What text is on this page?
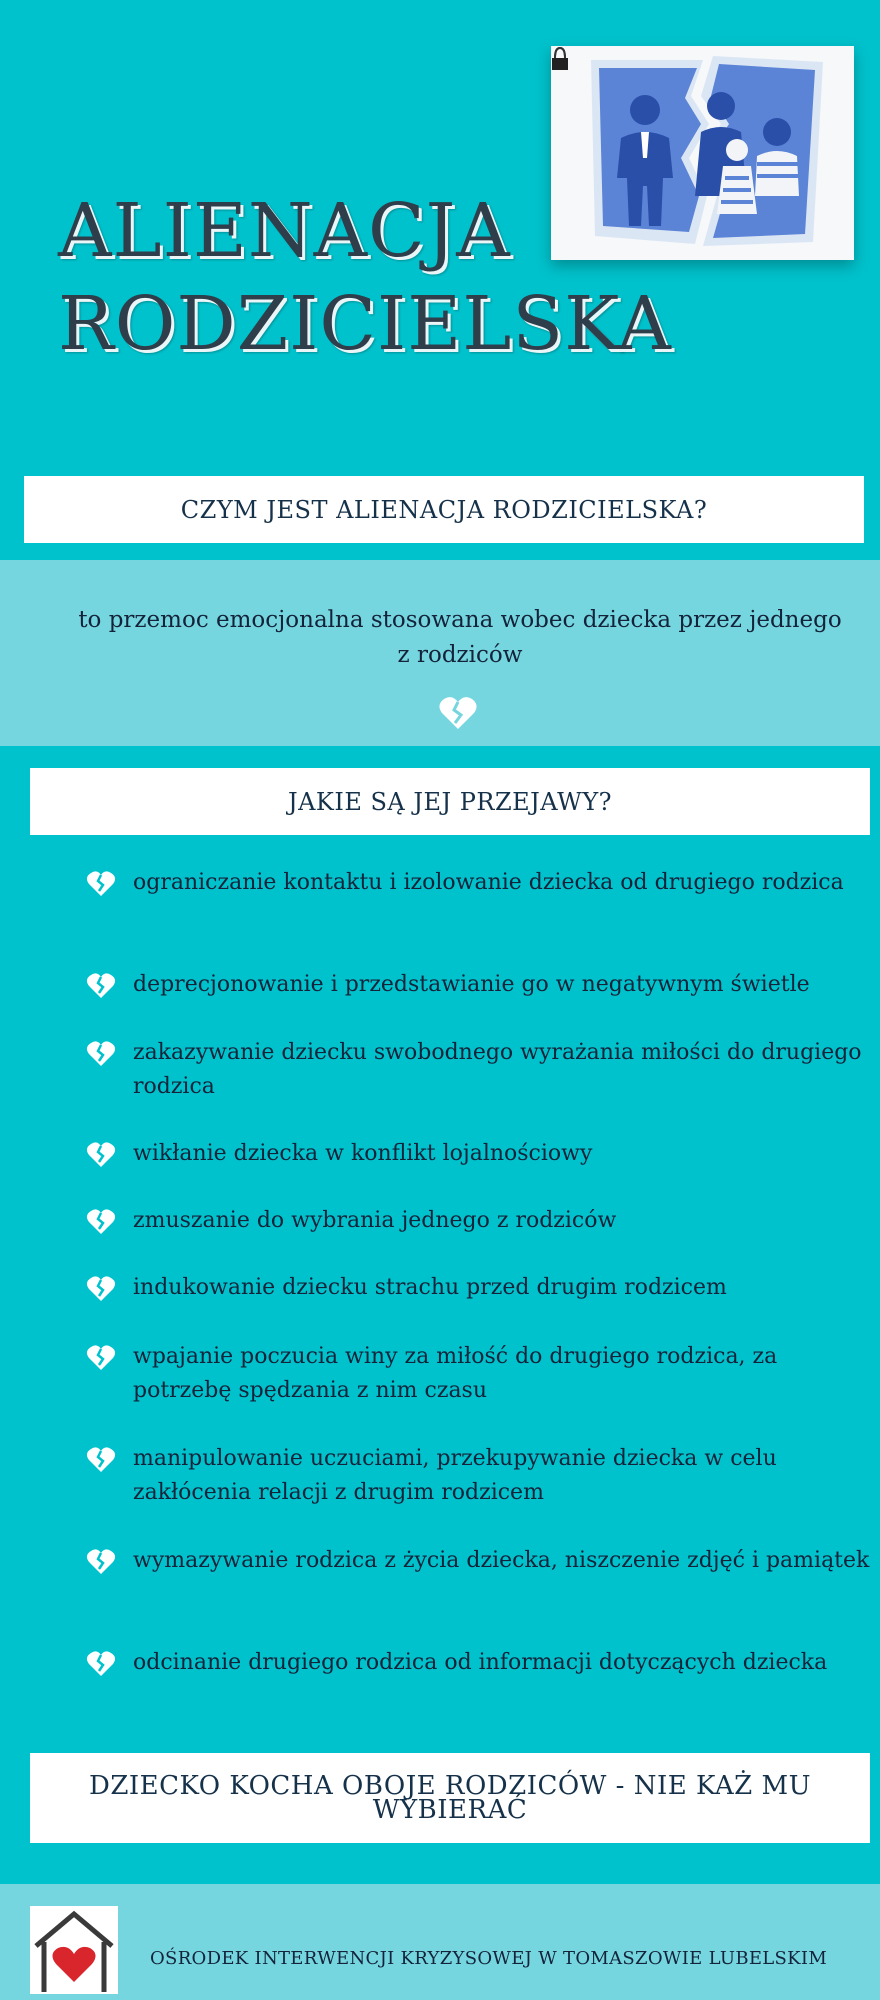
ALIENACJA
RODZICIELSKA
CZYM JEST ALIENACJA RODZICIELSKA?
to przemoc emocjonalna stosowana wobec dziecka przez jednego z rodziców
JAKIE SĄ JEJ PRZEJAWY?
ograniczanie kontaktu i izolowanie dziecka od drugiego rodzica
deprecjonowanie i przedstawianie go w negatywnym świetle
zakazywanie dziecku swobodnego wyrażania miłości do drugiego rodzica
wikłanie dziecka w konflikt lojalnościowy
zmuszanie do wybrania jednego z rodziców
indukowanie dziecku strachu przed drugim rodzicem
wpajanie poczucia winy za miłość do drugiego rodzica, za potrzebę spędzania z nim czasu
manipulowanie uczuciami, przekupywanie dziecka w celu zakłócenia relacji z drugim rodzicem
wymazywanie rodzica z życia dziecka, niszczenie zdjęć i pamiątek
odcinanie drugiego rodzica od informacji dotyczących dziecka
DZIECKO KOCHA OBOJE RODZICÓW - NIE KAŻ MU WYBIERAĆ
OŚRODEK INTERWENCJI KRYZYSOWEJ W TOMASZOWIE LUBELSKIM
